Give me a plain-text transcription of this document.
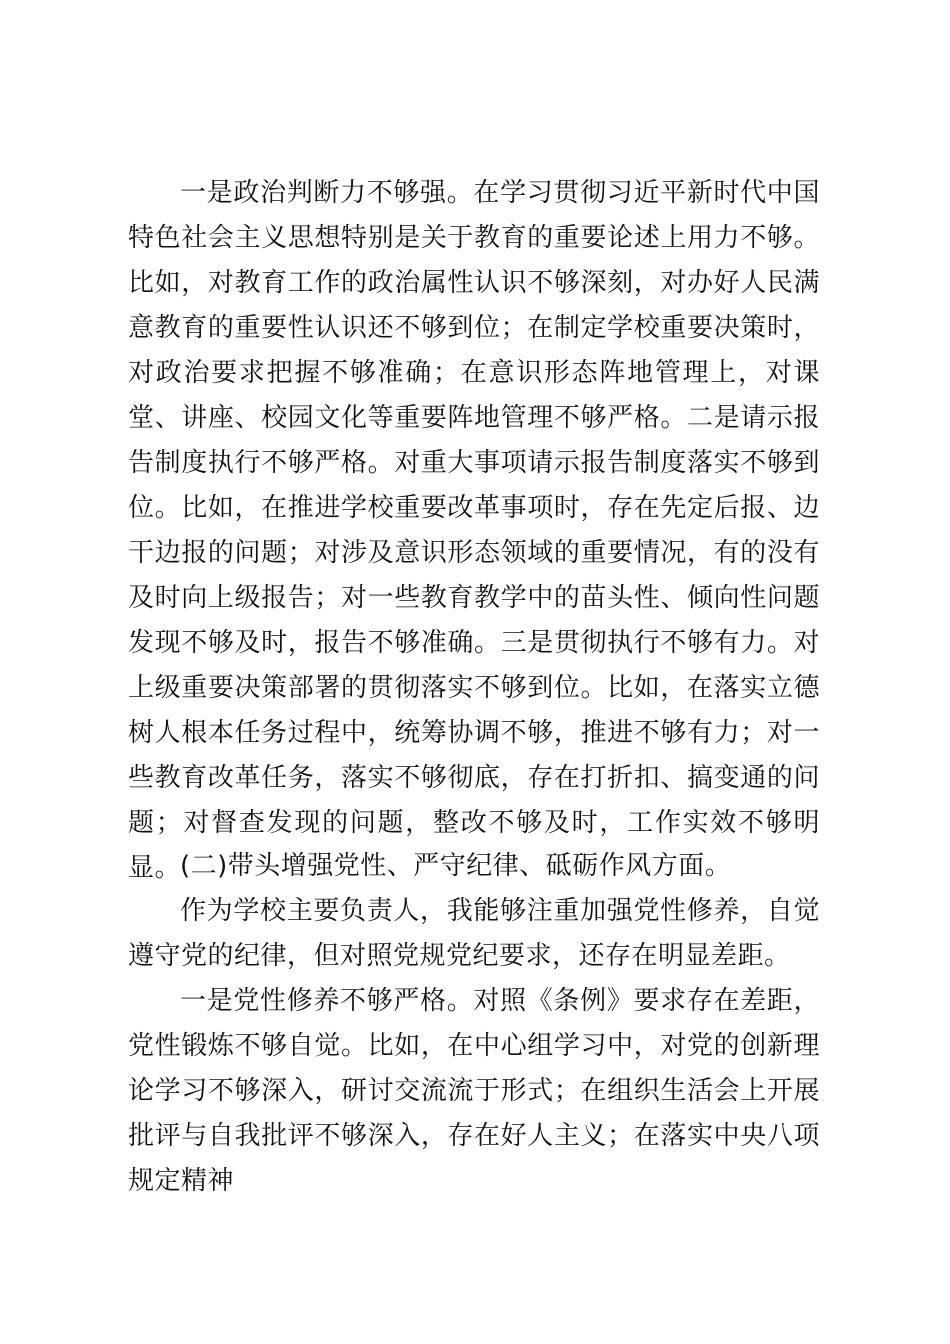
一是政治判断力不够强。在学习贯彻习近平新时代中国特色社会主义思想特别是关于教育的重要论述上用力不够。比如，对教育工作的政治属性认识不够深刻，对办好人民满意教育的重要性认识还不够到位；在制定学校重要决策时，对政治要求把握不够准确；在意识形态阵地管理上，对课堂、讲座、校园文化等重要阵地管理不够严格。二是请示报告制度执行不够严格。对重大事项请示报告制度落实不够到位。比如，在推进学校重要改革事项时，存在先定后报、边干边报的问题；对涉及意识形态领域的重要情况，有的没有及时向上级报告；对一些教育教学中的苗头性、倾向性问题发现不够及时，报告不够准确。三是贯彻执行不够有力。对上级重要决策部署的贯彻落实不够到位。比如，在落实立德树人根本任务过程中，统筹协调不够，推进不够有力；对一些教育改革任务，落实不够彻底，存在打折扣、搞变通的问题；对督查发现的问题，整改不够及时，工作实效不够明显。

(二)带头增强党性、严守纪律、砥砺作风方面。

作为学校主要负责人，我能够注重加强党性修养，自觉遵守党的纪律，但对照党规党纪要求，还存在明显差距。

一是党性修养不够严格。对照《条例》要求存在差距，党性锻炼不够自觉。比如，在中心组学习中，对党的创新理论学习不够深入，研讨交流流于形式；在组织生活会上开展批评与自我批评不够深入，存在好人主义；在落实中央八项规定精神
